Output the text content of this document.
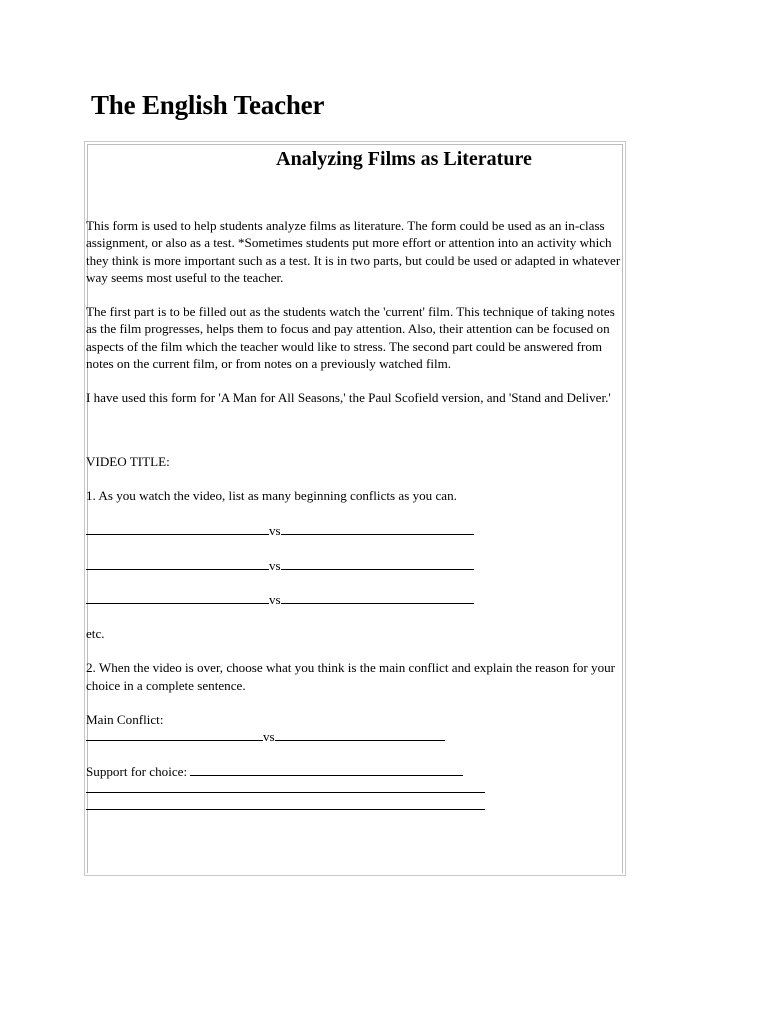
The English Teacher
Analyzing Films as Literature

This form is used to help students analyze films as literature. The form could be used as an in-class assignment, or also as a test. *Sometimes students put more effort or attention into an activity which they think is more important such as a test. It is in two parts, but could be used or adapted in whatever way seems most useful to the teacher.

The first part is to be filled out as the students watch the 'current' film. This technique of taking notes as the film progresses, helps them to focus and pay attention. Also, their attention can be focused on aspects of the film which the teacher would like to stress. The second part could be answered from notes on the current film, or from notes on a previously watched film.

I have used this form for 'A Man for All Seasons,' the Paul Scofield version, and 'Stand and Deliver.'

VIDEO TITLE:

1. As you watch the video, list as many beginning conflicts as you can.

vs

vs

vs

etc.

2. When the video is over, choose what you think is the main conflict and explain the reason for your choice in a complete sentence.

Main Conflict:

vs

Support for choice:
